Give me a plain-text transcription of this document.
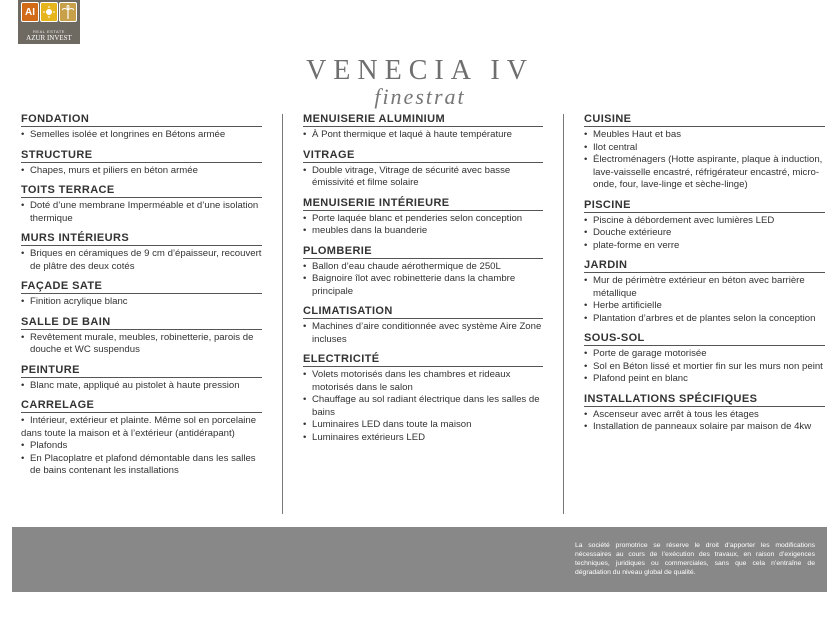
AI
REAL ESTATE
AZUR INVEST
VENECIA IV
finestrat
FONDATION
• Semelles isolée et longrines en Bétons armée
STRUCTURE
• Chapes, murs et piliers en béton armée
TOITS TERRACE
• Doté d’une membrane Imperméable et d’une isolation thermique
MURS INTÉRIEURS
• Briques en céramiques de 9 cm d’épaisseur, recouvert de plâtre des deux cotés
FAÇADE SATE
• Finition acrylique blanc
SALLE DE BAIN
• Revêtement murale, meubles, robinetterie, parois de douche et WC suspendus
PEINTURE
• Blanc mate, appliqué au pistolet à haute pression
CARRELAGE
• Intérieur, extérieur et plainte. Même sol en porcelaine
dans toute la maison et à l’extérieur (antidérapant)
• Plafonds
• En Placoplatre et plafond démontable dans les salles de bains contenant les installations
MENUISERIE ALUMINIUM
• À Pont thermique et laqué à haute température
VITRAGE
• Double vitrage, Vitrage de sécurité avec basse émissivité et filme solaire
MENUISERIE INTÉRIEURE
• Porte laquée blanc et penderies selon conception
• meubles dans la buanderie
PLOMBERIE
• Ballon d’eau chaude aérothermique de 250L
• Baignoire îlot avec robinetterie dans la chambre principale
CLIMATISATION
• Machines d’aire conditionnée avec système Aire Zone incluses
ELECTRICITÉ
• Volets motorisés dans les chambres et rideaux motorisés dans le salon
• Chauffage au sol radiant électrique dans les salles de bains
• Luminaires LED dans toute la maison
• Luminaires extérieurs LED
CUISINE
• Meubles Haut et bas
• Ilot central
• Électroménagers (Hotte aspirante, plaque à induction, lave-vaisselle encastré, réfrigérateur encastré, micro-onde, four, lave-linge et sèche-linge)
PISCINE
• Piscine à débordement avec lumières LED
• Douche extérieure
• plate-forme en verre
JARDIN
• Mur de périmètre extérieur en béton avec barrière métallique
• Herbe artificielle
• Plantation d’arbres et de plantes selon la conception
SOUS-SOL
• Porte de garage motorisée
• Sol en Béton lissé et mortier fin sur les murs non peint
• Plafond peint en blanc
INSTALLATIONS SPÉCIFIQUES
• Ascenseur avec arrêt à tous les étages
• Installation de panneaux solaire par maison de 4kw
La société promotrice se réserve le droit d’apporter les modifications nécessaires au cours de l’exécution des travaux, en raison d’exigences techniques, juridiques ou commerciales, sans que cela n’entraîne de dégradation du niveau global de qualité.
